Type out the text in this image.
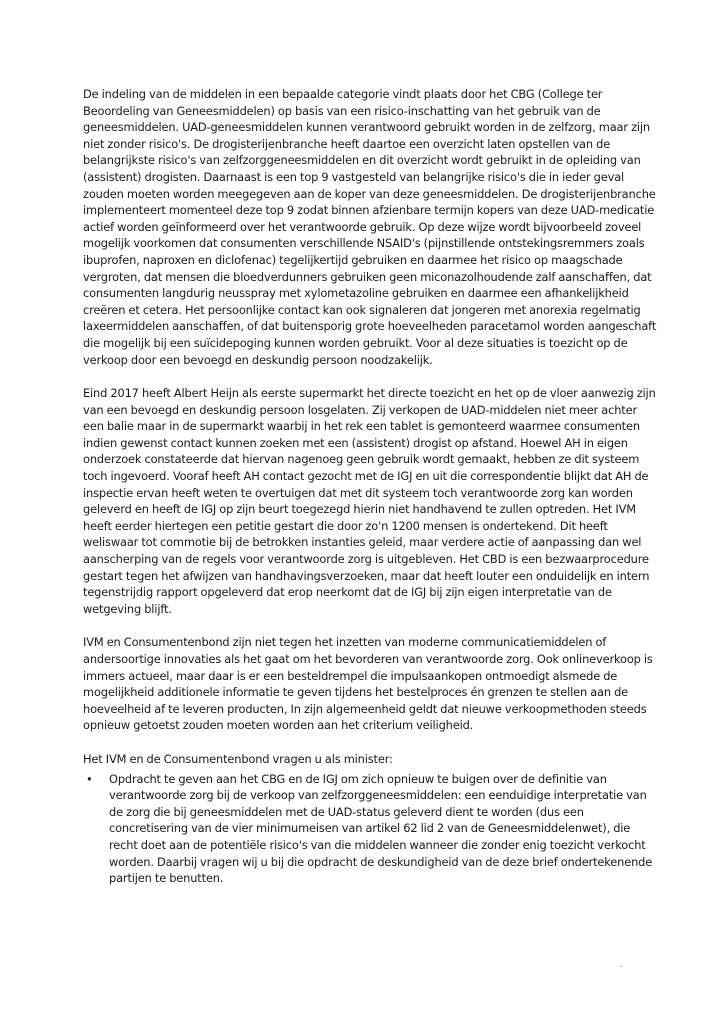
De indeling van de middelen in een bepaalde categorie vindt plaats door het CBG (College ter Beoordeling van Geneesmiddelen) op basis van een risico-inschatting van het gebruik van de geneesmiddelen. UAD-geneesmiddelen kunnen verantwoord gebruikt worden in de zelfzorg, maar zijn niet zonder risico's. De drogisterijenbranche heeft daartoe een overzicht laten opstellen van de belangrijkste risico's van zelfzorggeneesmiddelen en dit overzicht wordt gebruikt in de opleiding van (assistent) drogisten. Daarnaast is een top 9 vastgesteld van belangrijke risico's die in ieder geval zouden moeten worden meegegeven aan de koper van deze geneesmiddelen. De drogisterijenbranche implementeert momenteel deze top 9 zodat binnen afzienbare termijn kopers van deze UAD-medicatie actief worden geïnformeerd over het verantwoorde gebruik. Op deze wijze wordt bijvoorbeeld zoveel mogelijk voorkomen dat consumenten verschillende NSAID's (pijnstillende ontstekingsremmers zoals ibuprofen, naproxen en diclofenac) tegelijkertijd gebruiken en daarmee het risico op maagschade vergroten, dat mensen die bloedverdunners gebruiken geen miconazolhoudende zalf aanschaffen, dat consumenten langdurig neusspray met xylometazoline gebruiken en daarmee een afhankelijkheid creëren et cetera. Het persoonlijke contact kan ook signaleren dat jongeren met anorexia regelmatig laxeermiddelen aanschaffen, of dat buitensporig grote hoeveelheden paracetamol worden aangeschaft die mogelijk bij een suïcidepoging kunnen worden gebruikt. Voor al deze situaties is toezicht op de verkoop door een bevoegd en deskundig persoon noodzakelijk.

Eind 2017 heeft Albert Heijn als eerste supermarkt het directe toezicht en het op de vloer aanwezig zijn van een bevoegd en deskundig persoon losgelaten. Zij verkopen de UAD-middelen niet meer achter een balie maar in de supermarkt waarbij in het rek een tablet is gemonteerd waarmee consumenten indien gewenst contact kunnen zoeken met een (assistent) drogist op afstand. Hoewel AH in eigen onderzoek constateerde dat hiervan nagenoeg geen gebruik wordt gemaakt, hebben ze dit systeem toch ingevoerd. Vooraf heeft AH contact gezocht met de IGJ en uit die correspondentie blijkt dat AH de inspectie ervan heeft weten te overtuigen dat met dit systeem toch verantwoorde zorg kan worden geleverd en heeft de IGJ op zijn beurt toegezegd hierin niet handhavend te zullen optreden. Het IVM heeft eerder hiertegen een petitie gestart die door zo'n 1200 mensen is ondertekend. Dit heeft weliswaar tot commotie bij de betrokken instanties geleid, maar verdere actie of aanpassing dan wel aanscherping van de regels voor verantwoorde zorg is uitgebleven. Het CBD is een bezwaarprocedure gestart tegen het afwijzen van handhavingsverzoeken, maar dat heeft louter een onduidelijk en intern tegenstrijdig rapport opgeleverd dat erop neerkomt dat de IGJ bij zijn eigen interpretatie van de wetgeving blijft.

IVM en Consumentenbond zijn niet tegen het inzetten van moderne communicatiemiddelen of andersoortige innovaties als het gaat om het bevorderen van verantwoorde zorg. Ook onlineverkoop is immers actueel, maar daar is er een besteldrempel die impulsaankopen ontmoedigt alsmede de mogelijkheid additionele informatie te geven tijdens het bestelproces én grenzen te stellen aan de hoeveelheid af te leveren producten, In zijn algemeenheid geldt dat nieuwe verkoopmethoden steeds opnieuw getoetst zouden moeten worden aan het criterium veiligheid.

Het IVM en de Consumentenbond vragen u als minister:

• Opdracht te geven aan het CBG en de IGJ om zich opnieuw te buigen over de definitie van verantwoorde zorg bij de verkoop van zelfzorggeneesmiddelen: een eenduidige interpretatie van de zorg die bij geneesmiddelen met de UAD-status geleverd dient te worden (dus een concretisering van de vier minimumeisen van artikel 62 lid 2 van de Geneesmiddelenwet), die recht doet aan de potentiële risico's van die middelen wanneer die zonder enig toezicht verkocht worden. Daarbij vragen wij u bij die opdracht de deskundigheid van de deze brief ondertekenende partijen te benutten.
